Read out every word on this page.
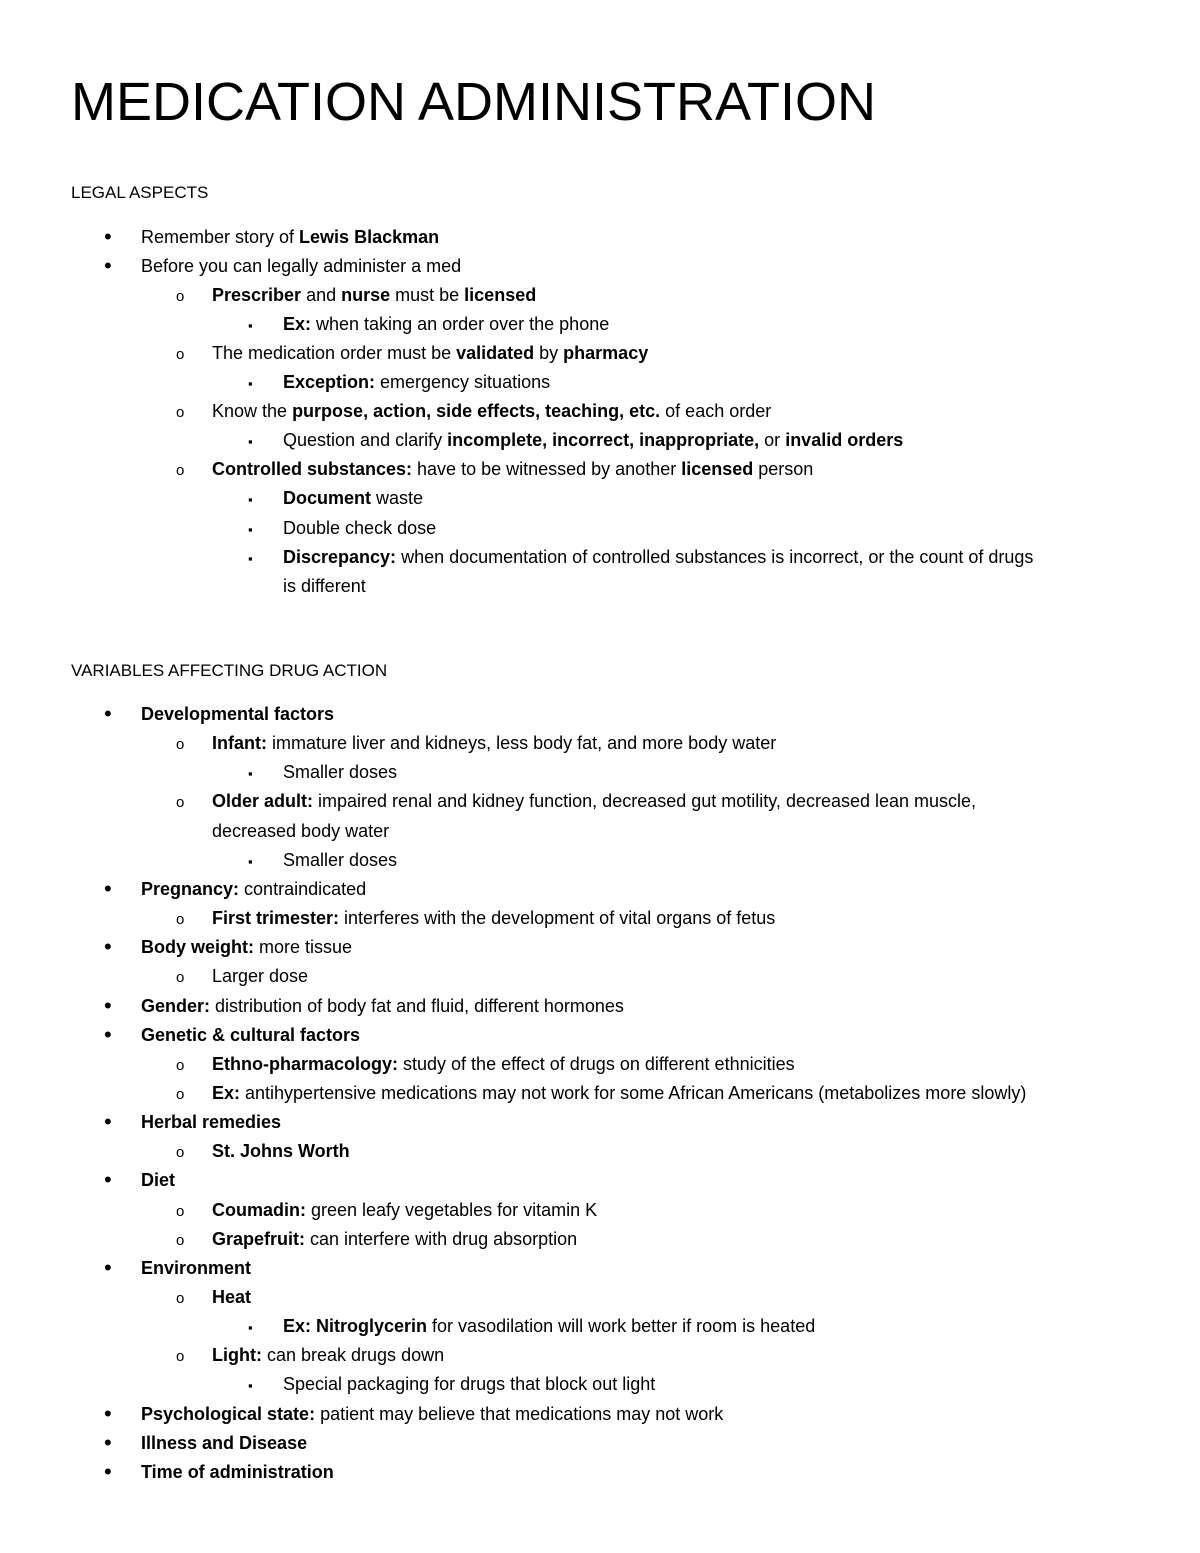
MEDICATION ADMINISTRATION
LEGAL ASPECTS
•
Remember story of Lewis Blackman
•
Before you can legally administer a med
o
Prescriber and nurse must be licensed
▪
Ex: when taking an order over the phone
o
The medication order must be validated by pharmacy
▪
Exception: emergency situations
o
Know the purpose, action, side effects, teaching, etc. of each order
▪
Question and clarify incomplete, incorrect, inappropriate, or invalid orders
o
Controlled substances: have to be witnessed by another licensed person
▪
Document waste
▪
Double check dose
▪
Discrepancy: when documentation of controlled substances is incorrect, or the count of drugs
is different
VARIABLES AFFECTING DRUG ACTION
•
Developmental factors
o
Infant: immature liver and kidneys, less body fat, and more body water
▪
Smaller doses
o
Older adult: impaired renal and kidney function, decreased gut motility, decreased lean muscle,
decreased body water
▪
Smaller doses
•
Pregnancy: contraindicated
o
First trimester: interferes with the development of vital organs of fetus
•
Body weight: more tissue
o
Larger dose
•
Gender: distribution of body fat and fluid, different hormones
•
Genetic & cultural factors
o
Ethno-pharmacology: study of the effect of drugs on different ethnicities
o
Ex: antihypertensive medications may not work for some African Americans (metabolizes more slowly)
•
Herbal remedies
o
St. Johns Worth
•
Diet
o
Coumadin: green leafy vegetables for vitamin K
o
Grapefruit: can interfere with drug absorption
•
Environment
o
Heat
▪
Ex: Nitroglycerin for vasodilation will work better if room is heated
o
Light: can break drugs down
▪
Special packaging for drugs that block out light
•
Psychological state: patient may believe that medications may not work
•
Illness and Disease
•
Time of administration
